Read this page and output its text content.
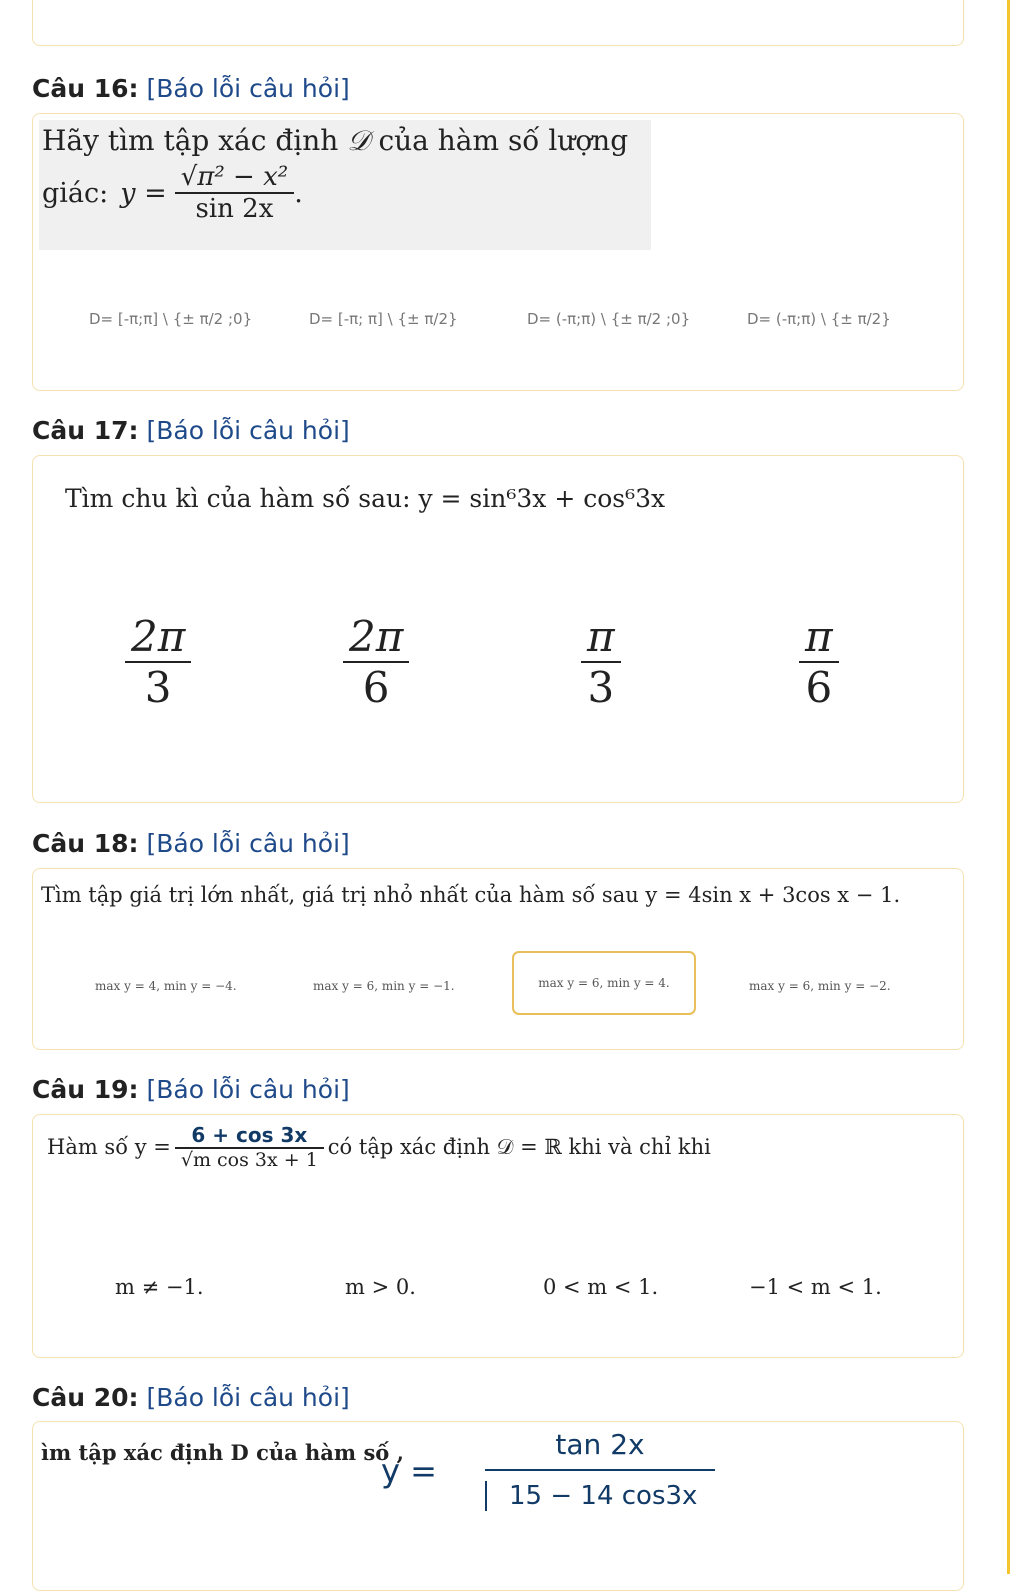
Câu 16: [Báo lỗi câu hỏi]
Hãy tìm tập xác định 𝒟 của hàm số lượng
giác: $y = \frac{\text{√π² − x²}}{\sin 2x}$ .
D= [-π;π] \ {± π/2 ;0}	D= [-π; π] \ {± π/2}	D= (-π;π) \ {± π/2 ;0}	D= (-π;π) \ {± π/2}
Câu 17: [Báo lỗi câu hỏi]
Tìm chu kì của hàm số sau: y = sin⁶3x + cos⁶3x
$\frac{2\pi}{3}$	$\frac{2\pi}{6}$	$\frac{\pi}{3}$	$\frac{\pi}{6}$
Câu 18: [Báo lỗi câu hỏi]
Tìm tập giá trị lớn nhất, giá trị nhỏ nhất của hàm số sau y = 4sin x + 3cos x − 1.
max y = 4, min y = −4.	max y = 6, min y = −1.	max y = 6, min y = 4.	max y = 6, min y = −2.
Câu 19: [Báo lỗi câu hỏi]
Hàm số $y = \frac{6 + \cos 3x}{\text{√m cos 3x + 1}}$ có tập xác định 𝒟 = ℝ khi và chỉ khi
m ≠ −1.	m > 0.	0 < m < 1.	−1 < m < 1.
Câu 20: [Báo lỗi câu hỏi]
ìm tập xác định D của hàm số ,
y =
tan 2x
15 − 14 cos3x
